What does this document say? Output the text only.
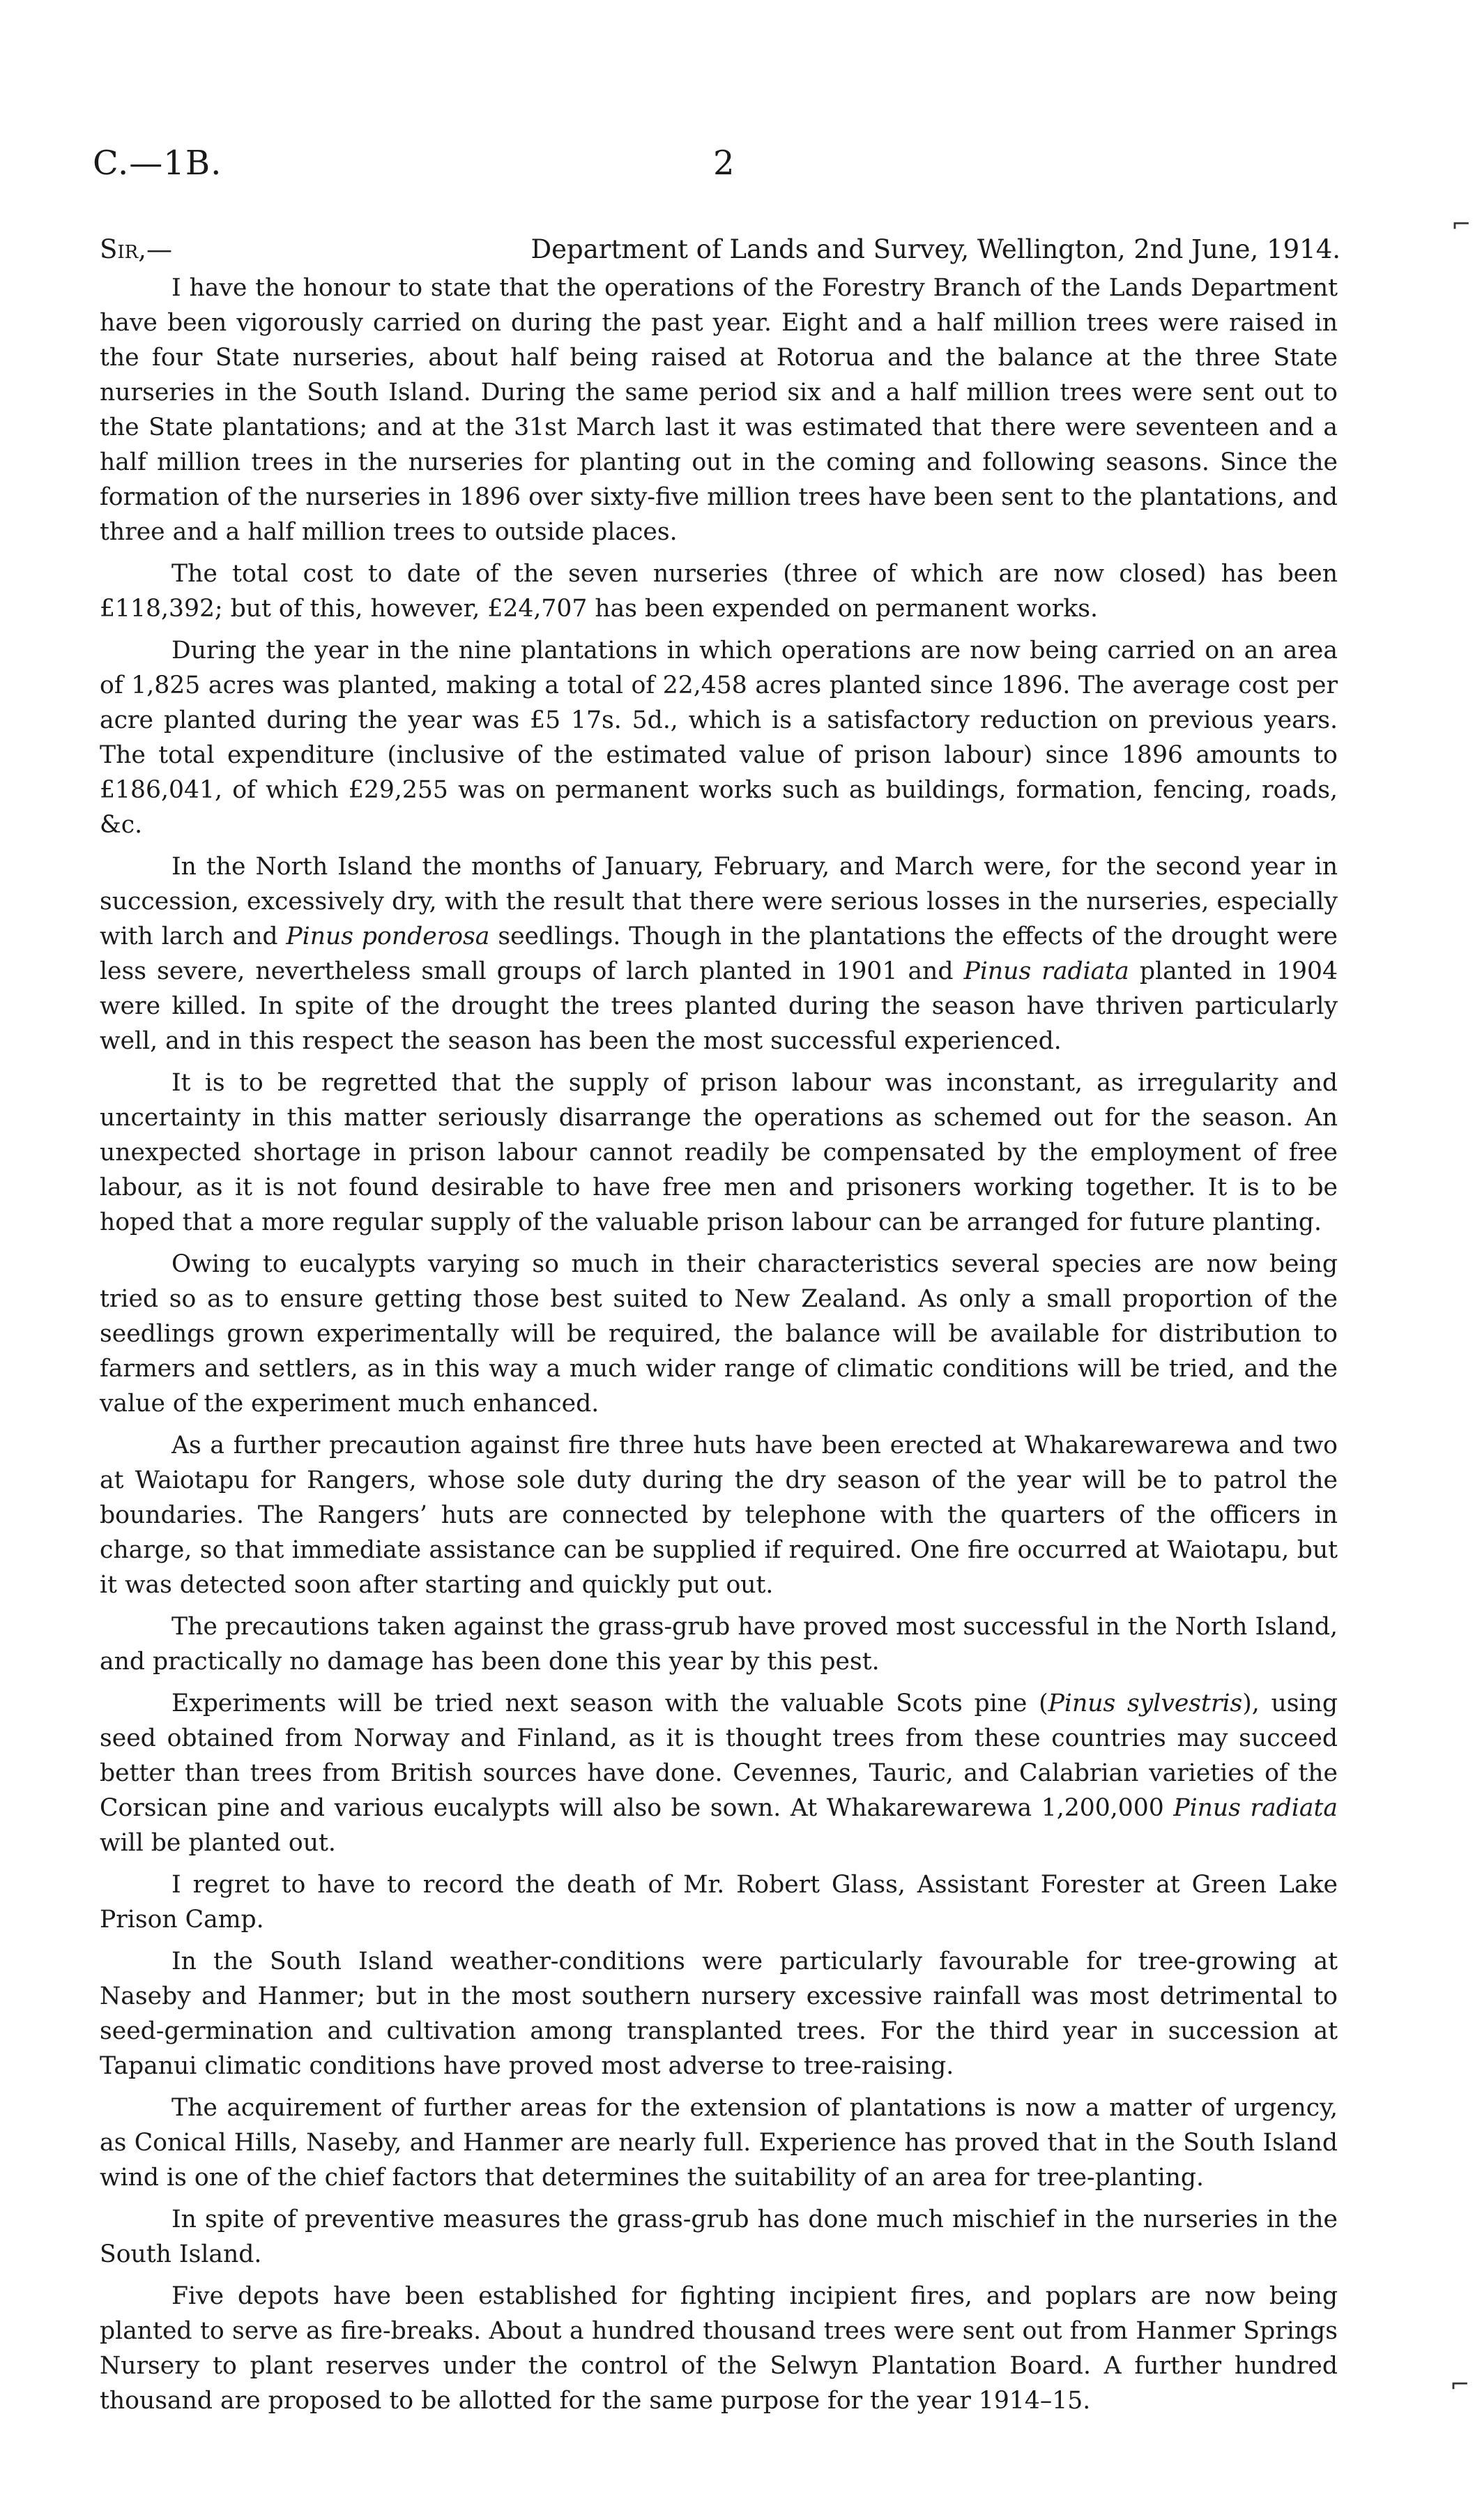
C.—1B.	2
Sir,—	Department of Lands and Survey, Wellington, 2nd June, 1914.

I have the honour to state that the operations of the Forestry Branch of the Lands Department have been vigorously carried on during the past year. Eight and a half million trees were raised in the four State nurseries, about half being raised at Rotorua and the balance at the three State nurseries in the South Island. During the same period six and a half million trees were sent out to the State plantations; and at the 31st March last it was estimated that there were seventeen and a half million trees in the nurseries for planting out in the coming and following seasons. Since the formation of the nurseries in 1896 over sixty-five million trees have been sent to the plantations, and three and a half million trees to outside places.

The total cost to date of the seven nurseries (three of which are now closed) has been £118,392; but of this, however, £24,707 has been expended on permanent works.

During the year in the nine plantations in which operations are now being carried on an area of 1,825 acres was planted, making a total of 22,458 acres planted since 1896. The average cost per acre planted during the year was £5 17s. 5d., which is a satisfactory reduction on previous years. The total expenditure (inclusive of the estimated value of prison labour) since 1896 amounts to £186,041, of which £29,255 was on permanent works such as buildings, formation, fencing, roads, &c.

In the North Island the months of January, February, and March were, for the second year in succession, excessively dry, with the result that there were serious losses in the nurseries, especially with larch and Pinus ponderosa seedlings. Though in the plantations the effects of the drought were less severe, nevertheless small groups of larch planted in 1901 and Pinus radiata planted in 1904 were killed. In spite of the drought the trees planted during the season have thriven particularly well, and in this respect the season has been the most successful experienced.

It is to be regretted that the supply of prison labour was inconstant, as irregularity and uncertainty in this matter seriously disarrange the operations as schemed out for the season. An unexpected shortage in prison labour cannot readily be compensated by the employment of free labour, as it is not found desirable to have free men and prisoners working together. It is to be hoped that a more regular supply of the valuable prison labour can be arranged for future planting.

Owing to eucalypts varying so much in their characteristics several species are now being tried so as to ensure getting those best suited to New Zealand. As only a small proportion of the seedlings grown experimentally will be required, the balance will be available for distribution to farmers and settlers, as in this way a much wider range of climatic conditions will be tried, and the value of the experiment much enhanced.

As a further precaution against fire three huts have been erected at Whakarewarewa and two at Waiotapu for Rangers, whose sole duty during the dry season of the year will be to patrol the boundaries. The Rangers’ huts are connected by telephone with the quarters of the officers in charge, so that immediate assistance can be supplied if required. One fire occurred at Waiotapu, but it was detected soon after starting and quickly put out.

The precautions taken against the grass-grub have proved most successful in the North Island, and practically no damage has been done this year by this pest.

Experiments will be tried next season with the valuable Scots pine (Pinus sylvestris), using seed obtained from Norway and Finland, as it is thought trees from these countries may succeed better than trees from British sources have done. Cevennes, Tauric, and Calabrian varieties of the Corsican pine and various eucalypts will also be sown. At Whakarewarewa 1,200,000 Pinus radiata will be planted out.

I regret to have to record the death of Mr. Robert Glass, Assistant Forester at Green Lake Prison Camp.

In the South Island weather-conditions were particularly favourable for tree-growing at Naseby and Hanmer; but in the most southern nursery excessive rainfall was most detrimental to seed-germination and cultivation among transplanted trees. For the third year in succession at Tapanui climatic conditions have proved most adverse to tree-raising.

The acquirement of further areas for the extension of plantations is now a matter of urgency, as Conical Hills, Naseby, and Hanmer are nearly full. Experience has proved that in the South Island wind is one of the chief factors that determines the suitability of an area for tree-planting.

In spite of preventive measures the grass-grub has done much mischief in the nurseries in the South Island.

Five depots have been established for fighting incipient fires, and poplars are now being planted to serve as fire-breaks. About a hundred thousand trees were sent out from Hanmer Springs Nursery to plant reserves under the control of the Selwyn Plantation Board. A further hundred thousand are proposed to be allotted for the same purpose for the year 1914–15.

⌐
⌐
